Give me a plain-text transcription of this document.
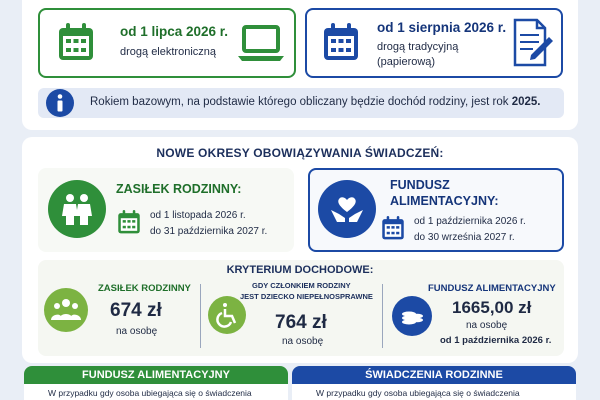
od 1 lipca 2026 r.
drogą elektroniczną
od 1 sierpnia 2026 r.
drogą tradycyjną
(papierową)
Rokiem bazowym, na podstawie którego obliczany będzie dochód rodziny, jest rok 2025.
NOWE OKRESY OBOWIĄZYWANIA ŚWIADCZEŃ:
ZASIŁEK RODZINNY:
od 1 listopada 2026 r.
do 31 października 2027 r.
FUNDUSZ
ALIMENTACYJNY:
od 1 października 2026 r.
do 30 września 2027 r.
KRYTERIUM DOCHODOWE:
ZASIŁEK RODZINNY
674 zł
na osobę
GDY CZŁONKIEM RODZINY
JEST DZIECKO NIEPEŁNOSPRAWNE
764 zł
na osobę
FUNDUSZ ALIMENTACYJNY
1665,00 zł
na osobę
od 1 października 2026 r.
FUNDUSZ ALIMENTACYJNY
W przypadku gdy osoba ubiegająca się o świadczenia
ŚWIADCZENIA RODZINNE
W przypadku gdy osoba ubiegająca się o świadczenia
